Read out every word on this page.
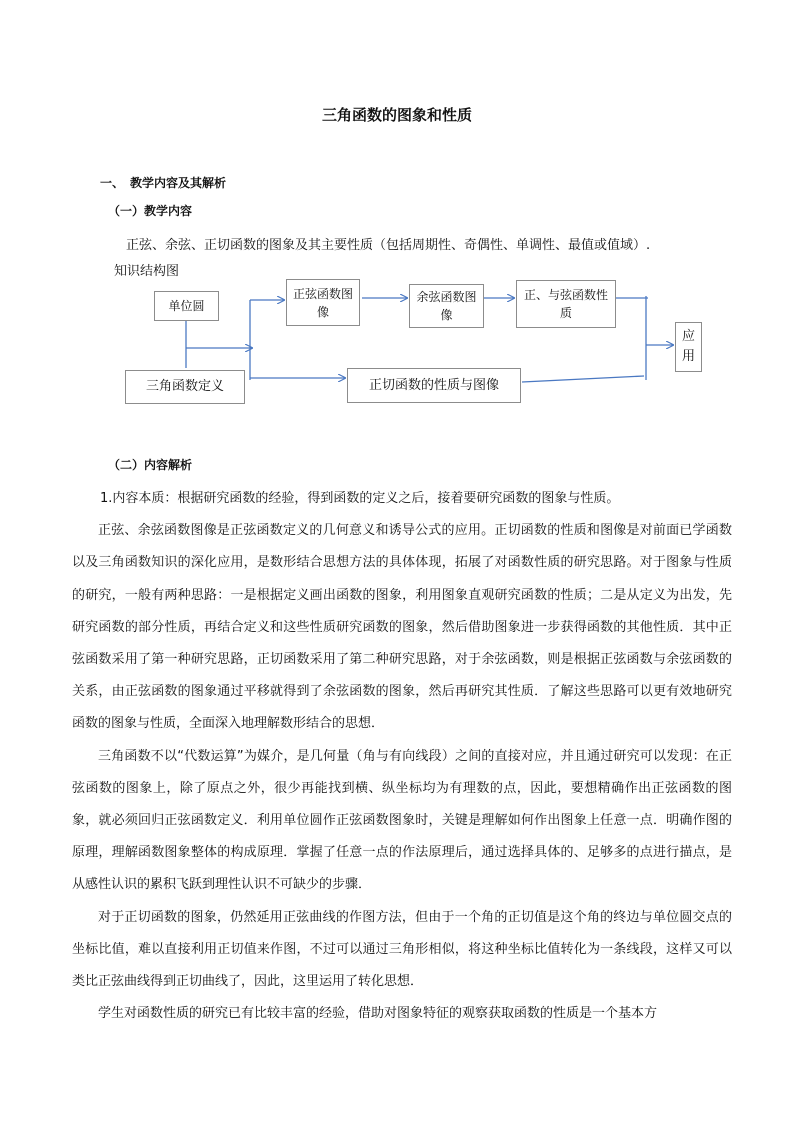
三角函数的图象和性质
一、　教学内容及其解析
（一）教学内容
正弦、余弦、正切函数的图象及其主要性质（包括周期性、奇偶性、单调性、最值或值域）.
知识结构图
单位圆
三角函数定义
正弦函数图像
余弦函数图像
正、与弦函数性质
正切函数的性质与图像
应
用
（二）内容解析

1.内容本质：根据研究函数的经验，得到函数的定义之后，接着要研究函数的图象与性质。

正弦、余弦函数图像是正弦函数定义的几何意义和诱导公式的应用。正切函数的性质和图像是对前面已学函数以及三角函数知识的深化应用，是数形结合思想方法的具体体现，拓展了对函数性质的研究思路。对于图象与性质的研究，一般有两种思路：一是根据定义画出函数的图象，利用图象直观研究函数的性质；二是从定义为出发，先研究函数的部分性质，再结合定义和这些性质研究函数的图象，然后借助图象进一步获得函数的其他性质．其中正弦函数采用了第一种研究思路，正切函数采用了第二种研究思路，对于余弦函数，则是根据正弦函数与余弦函数的关系，由正弦函数的图象通过平移就得到了余弦函数的图象，然后再研究其性质．了解这些思路可以更有效地研究函数的图象与性质，全面深入地理解数形结合的思想．

三角函数不以“代数运算”为媒介，是几何量（角与有向线段）之间的直接对应，并且通过研究可以发现：在正弦函数的图象上，除了原点之外，很少再能找到横、纵坐标均为有理数的点，因此，要想精确作出正弦函数的图象，就必须回归正弦函数定义．利用单位圆作正弦函数图象时，关键是理解如何作出图象上任意一点．明确作图的原理，理解函数图象整体的构成原理．掌握了任意一点的作法原理后，通过选择具体的、足够多的点进行描点，是从感性认识的累积飞跃到理性认识不可缺少的步骤．

对于正切函数的图象，仍然延用正弦曲线的作图方法，但由于一个角的正切值是这个角的终边与单位圆交点的坐标比值，难以直接利用正切值来作图，不过可以通过三角形相似，将这种坐标比值转化为一条线段，这样又可以类比正弦曲线得到正切曲线了，因此，这里运用了转化思想．

学生对函数性质的研究已有比较丰富的经验，借助对图象特征的观察获取函数的性质是一个基本方
